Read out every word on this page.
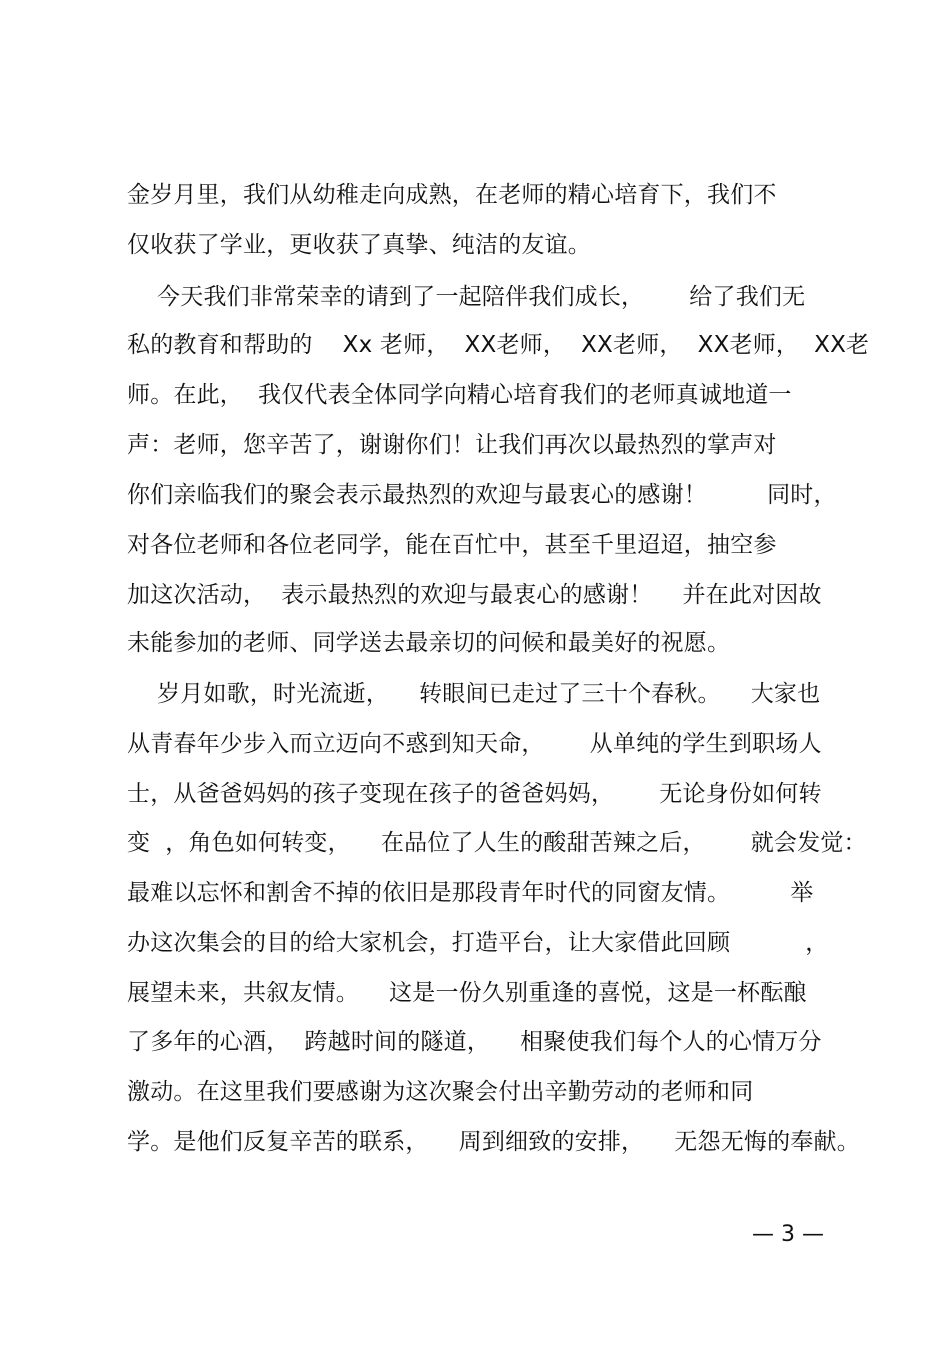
金岁月里，我们从幼稚走向成熟，在老师的精心培育下，我们不
仅收获了学业，更收获了真挚、纯洁的友谊。
今天我们非常荣幸的请到了一起陪伴我们成长，      给了我们无
私的教育和帮助的    Xx 老师，  XX老师，  XX老师，  XX老师，  XX老
师。在此，  我仅代表全体同学向精心培育我们的老师真诚地道一
声：老师，您辛苦了，谢谢你们！让我们再次以最热烈的掌声对
你们亲临我们的聚会表示最热烈的欢迎与最衷心的感谢！        同时，
对各位老师和各位老同学，能在百忙中，甚至千里迢迢，抽空参
加这次活动，  表示最热烈的欢迎与最衷心的感谢！    并在此对因故
未能参加的老师、同学送去最亲切的问候和最美好的祝愿。
岁月如歌，时光流逝，    转眼间已走过了三十个春秋。    大家也
从青春年少步入而立迈向不惑到知天命，      从单纯的学生到职场人
士，从爸爸妈妈的孩子变现在孩子的爸爸妈妈，      无论身份如何转
变  ，角色如何转变，    在品位了人生的酸甜苦辣之后，      就会发觉：
最难以忘怀和割舍不掉的依旧是那段青年时代的同窗友情。        举
办这次集会的目的给大家机会，打造平台，让大家借此回顾          ，
展望未来，共叙友情。    这是一份久别重逢的喜悦，这是一杯酝酿
了多年的心酒，  跨越时间的隧道，    相聚使我们每个人的心情万分
激动。在这里我们要感谢为这次聚会付出辛勤劳动的老师和同
学。是他们反复辛苦的联系，    周到细致的安排，    无怨无悔的奉献。
— 3 —
